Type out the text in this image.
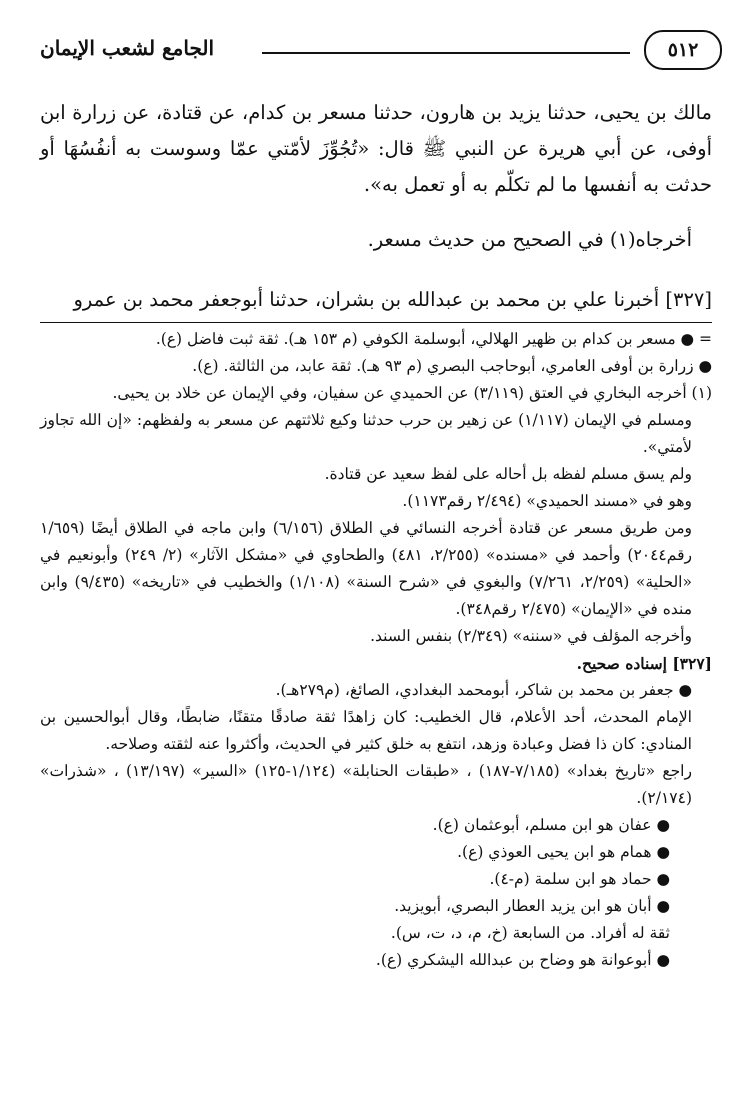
٥١٢
الجامع لشعب الإيمان

مالك بن يحيى، حدثنا يزيد بن هارون، حدثنا مسعر بن كدام، عن قتادة، عن زرارة ابن أوفى، عن أبي هريرة عن النبي ﷺ قال: «تُجُوِّزَ لأمّتي عمّا وسوست به أنفُسُهَا أو حدثت به أنفسها ما لم تكلّم به أو تعمل به».

أخرجاه(١) في الصحيح من حديث مسعر.

[٣٢٧] أخبرنا علي بن محمد بن عبدالله بن بشران، حدثنا أبوجعفر محمد بن عمرو

= ● مسعر بن كدام بن ظهير الهلالي، أبوسلمة الكوفي (م ١٥٣ هـ). ثقة ثبت فاضل (ع).

● زرارة بن أوفى العامري، أبوحاجب البصري (م ٩٣ هـ). ثقة عابد، من الثالثة. (ع).

(١) أخرجه البخاري في العتق (٣/١١٩) عن الحميدي عن سفيان، وفي الإيمان عن خلاد بن يحيى.

ومسلم في الإيمان (١/١١٧) عن زهير بن حرب حدثنا وكيع ثلاثتهم عن مسعر به ولفظهم: «إن الله تجاوز لأمتي».

ولم يسق مسلم لفظه بل أحاله على لفظ سعيد عن قتادة.

وهو في «مسند الحميدي» (٢/٤٩٤ رقم١١٧٣).

ومن طريق مسعر عن قتادة أخرجه النسائي في الطلاق (٦/١٥٦) وابن ماجه في الطلاق أيضًا (١/٦٥٩ رقم٢٠٤٤) وأحمد في «مسنده» (٢/٢٥٥، ٤٨١) والطحاوي في «مشكل الآثار» (٢/ ٢٤٩) وأبونعيم في «الحلية» (٢/٢٥٩، ٧/٢٦١) والبغوي في «شرح السنة» (١/١٠٨) والخطيب في «تاريخه» (٩/٤٣٥) وابن منده في «الإيمان» (٢/٤٧٥ رقم٣٤٨).

وأخرجه المؤلف في «سننه» (٢/٣٤٩) بنفس السند.

[٣٢٧] إسناده صحيح.

● جعفر بن محمد بن شاكر، أبومحمد البغدادي، الصائغ، (م٢٧٩هـ).

الإمام المحدث، أحد الأعلام، قال الخطيب: كان زاهدًا ثقة صادقًا متقنًا، ضابطًا، وقال أبوالحسين بن المنادي: كان ذا فضل وعبادة وزهد، انتفع به خلق كثير في الحديث، وأكثروا عنه لثقته وصلاحه.

راجع «تاريخ بغداد» (٧/١٨٥-١٨٧) ، «طبقات الحنابلة» (١/١٢٤-١٢٥) «السير» (١٣/١٩٧) ، «شذرات» (٢/١٧٤).

● عفان هو ابن مسلم، أبوعثمان (ع).

● همام هو ابن يحيى العوذي (ع).

● حماد هو ابن سلمة (م-٤).

● أبان هو ابن يزيد العطار البصري، أبويزيد.

ثقة له أفراد. من السابعة (خ، م، د، ت، س).

● أبوعوانة هو وضاح بن عبدالله اليشكري (ع).
